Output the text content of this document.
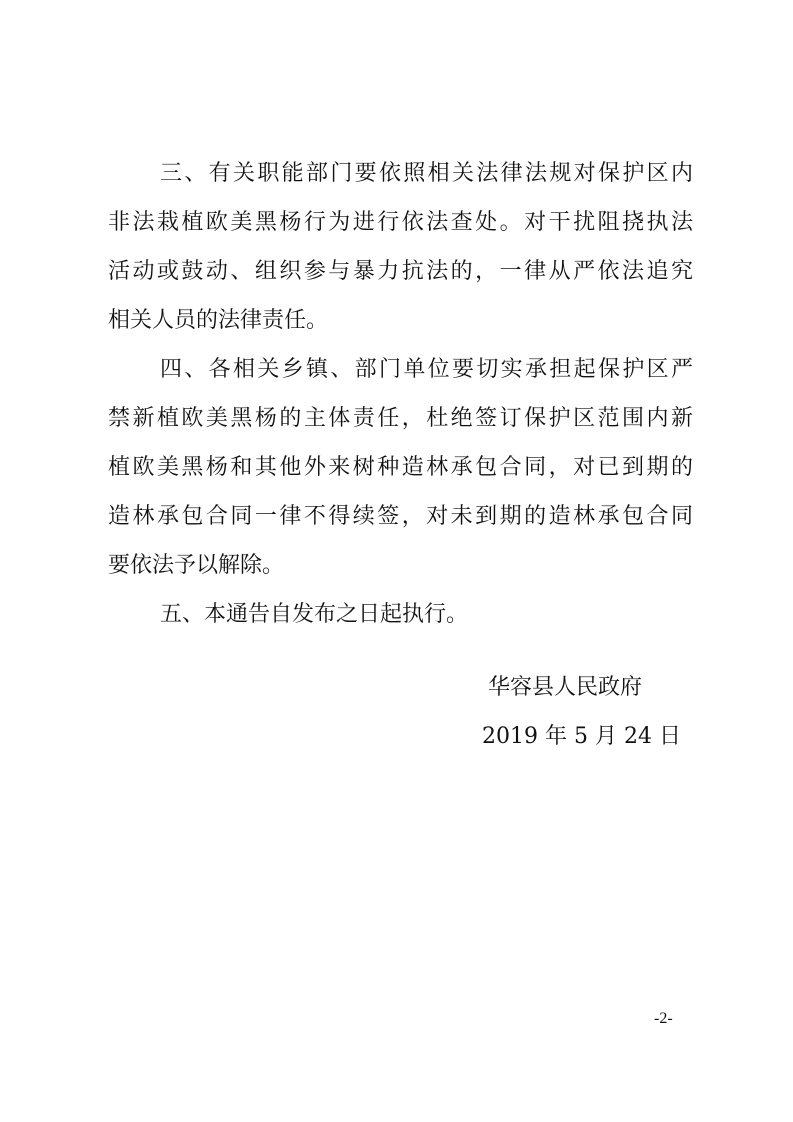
三、有关职能部门要依照相关法律法规对保护区内
非法栽植欧美黑杨行为进行依法查处。对干扰阻挠执法
活动或鼓动、组织参与暴力抗法的，一律从严依法追究
相关人员的法律责任。
四、各相关乡镇、部门单位要切实承担起保护区严
禁新植欧美黑杨的主体责任，杜绝签订保护区范围内新
植欧美黑杨和其他外来树种造林承包合同，对已到期的
造林承包合同一律不得续签，对未到期的造林承包合同
要依法予以解除。
五、本通告自发布之日起执行。
华容县人民政府
2019 年 5 月 24 日
-2-
